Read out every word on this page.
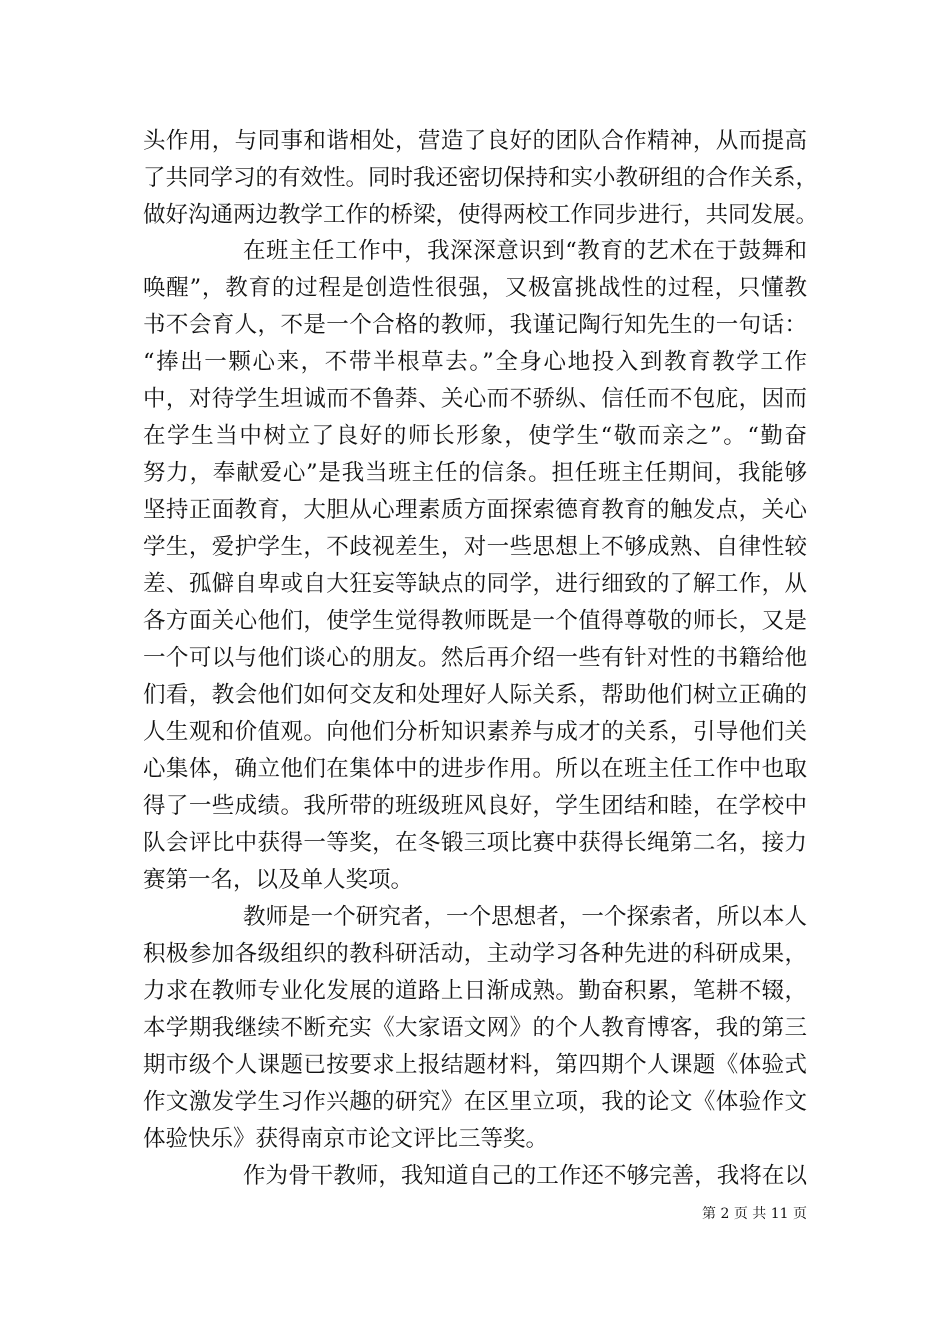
头作用，与同事和谐相处，营造了良好的团队合作精神，从而提高
了共同学习的有效性。同时我还密切保持和实小教研组的合作关系，
做好沟通两边教学工作的桥梁，使得两校工作同步进行，共同发展。
在班主任工作中，我深深意识到“教育的艺术在于鼓舞和
唤醒”，教育的过程是创造性很强，又极富挑战性的过程，只懂教
书不会育人，不是一个合格的教师，我谨记陶行知先生的一句话：
“捧出一颗心来，不带半根草去。”全身心地投入到教育教学工作
中，对待学生坦诚而不鲁莽、关心而不骄纵、信任而不包庇，因而
在学生当中树立了良好的师长形象，使学生“敬而亲之”。“勤奋
努力，奉献爱心”是我当班主任的信条。担任班主任期间，我能够
坚持正面教育，大胆从心理素质方面探索德育教育的触发点，关心
学生，爱护学生，不歧视差生，对一些思想上不够成熟、自律性较
差、孤僻自卑或自大狂妄等缺点的同学，进行细致的了解工作，从
各方面关心他们，使学生觉得教师既是一个值得尊敬的师长，又是
一个可以与他们谈心的朋友。然后再介绍一些有针对性的书籍给他
们看，教会他们如何交友和处理好人际关系，帮助他们树立正确的
人生观和价值观。向他们分析知识素养与成才的关系，引导他们关
心集体，确立他们在集体中的进步作用。所以在班主任工作中也取
得了一些成绩。我所带的班级班风良好，学生团结和睦，在学校中
队会评比中获得一等奖，在冬锻三项比赛中获得长绳第二名，接力
赛第一名，以及单人奖项。
教师是一个研究者，一个思想者，一个探索者，所以本人
积极参加各级组织的教科研活动，主动学习各种先进的科研成果，
力求在教师专业化发展的道路上日渐成熟。勤奋积累，笔耕不辍，
本学期我继续不断充实《大家语文网》的个人教育博客，我的第三
期市级个人课题已按要求上报结题材料，第四期个人课题《体验式
作文激发学生习作兴趣的研究》在区里立项，我的论文《体验作文
体验快乐》获得南京市论文评比三等奖。
作为骨干教师，我知道自己的工作还不够完善，我将在以
第 2 页 共 11 页
